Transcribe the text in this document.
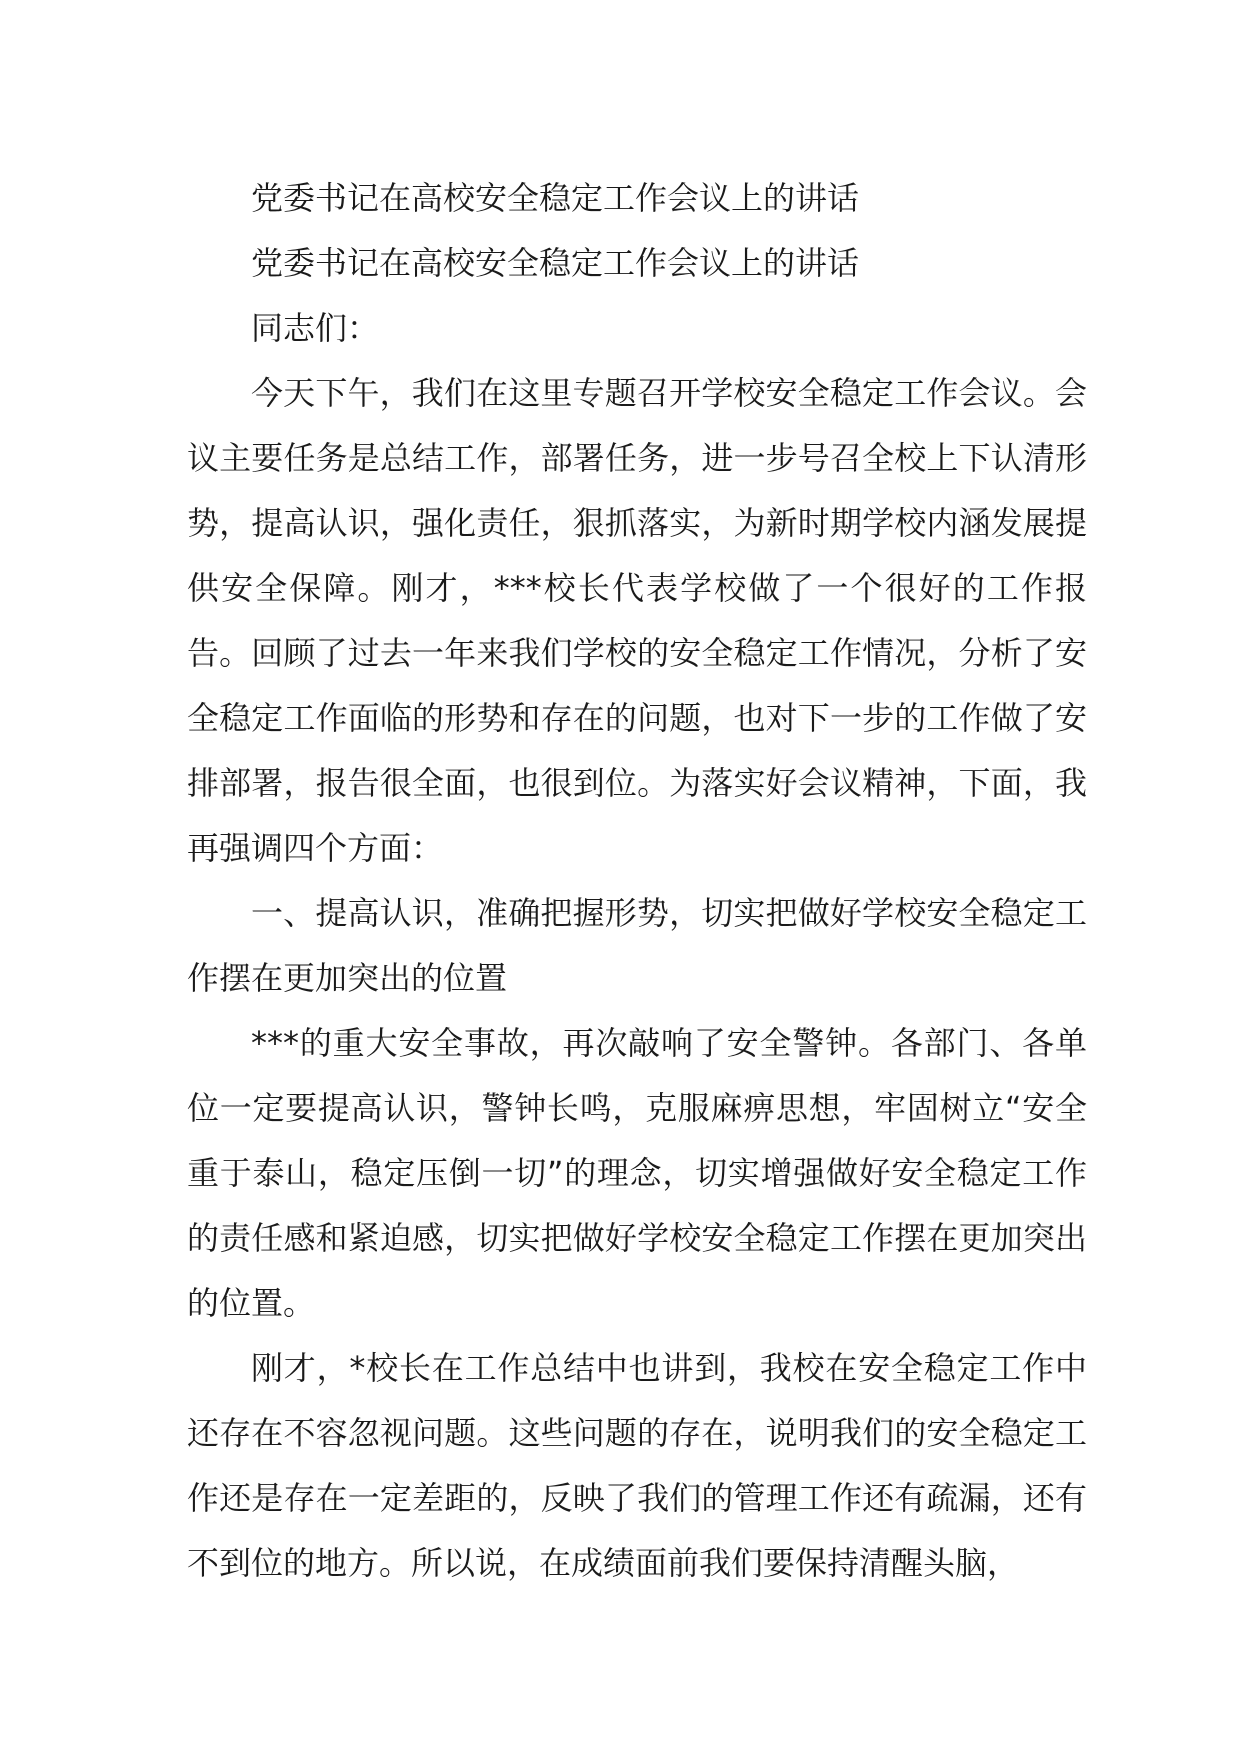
党委书记在高校安全稳定工作会议上的讲话

党委书记在高校安全稳定工作会议上的讲话

同志们：

今天下午，我们在这里专题召开学校安全稳定工作会议。会议主要任务是总结工作，部署任务，进一步号召全校上下认清形势，提高认识，强化责任，狠抓落实，为新时期学校内涵发展提供安全保障。刚才，***校长代表学校做了一个很好的工作报告。回顾了过去一年来我们学校的安全稳定工作情况，分析了安全稳定工作面临的形势和存在的问题，也对下一步的工作做了安排部署，报告很全面，也很到位。为落实好会议精神，下面，我再强调四个方面：

一、提高认识，准确把握形势，切实把做好学校安全稳定工作摆在更加突出的位置

***的重大安全事故，再次敲响了安全警钟。各部门、各单位一定要提高认识，警钟长鸣，克服麻痹思想，牢固树立“安全重于泰山，稳定压倒一切”的理念，切实增强做好安全稳定工作的责任感和紧迫感，切实把做好学校安全稳定工作摆在更加突出的位置。

刚才，*校长在工作总结中也讲到，我校在安全稳定工作中还存在不容忽视问题。这些问题的存在，说明我们的安全稳定工作还是存在一定差距的，反映了我们的管理工作还有疏漏，还有不到位的地方。所以说，在成绩面前我们要保持清醒头脑，
